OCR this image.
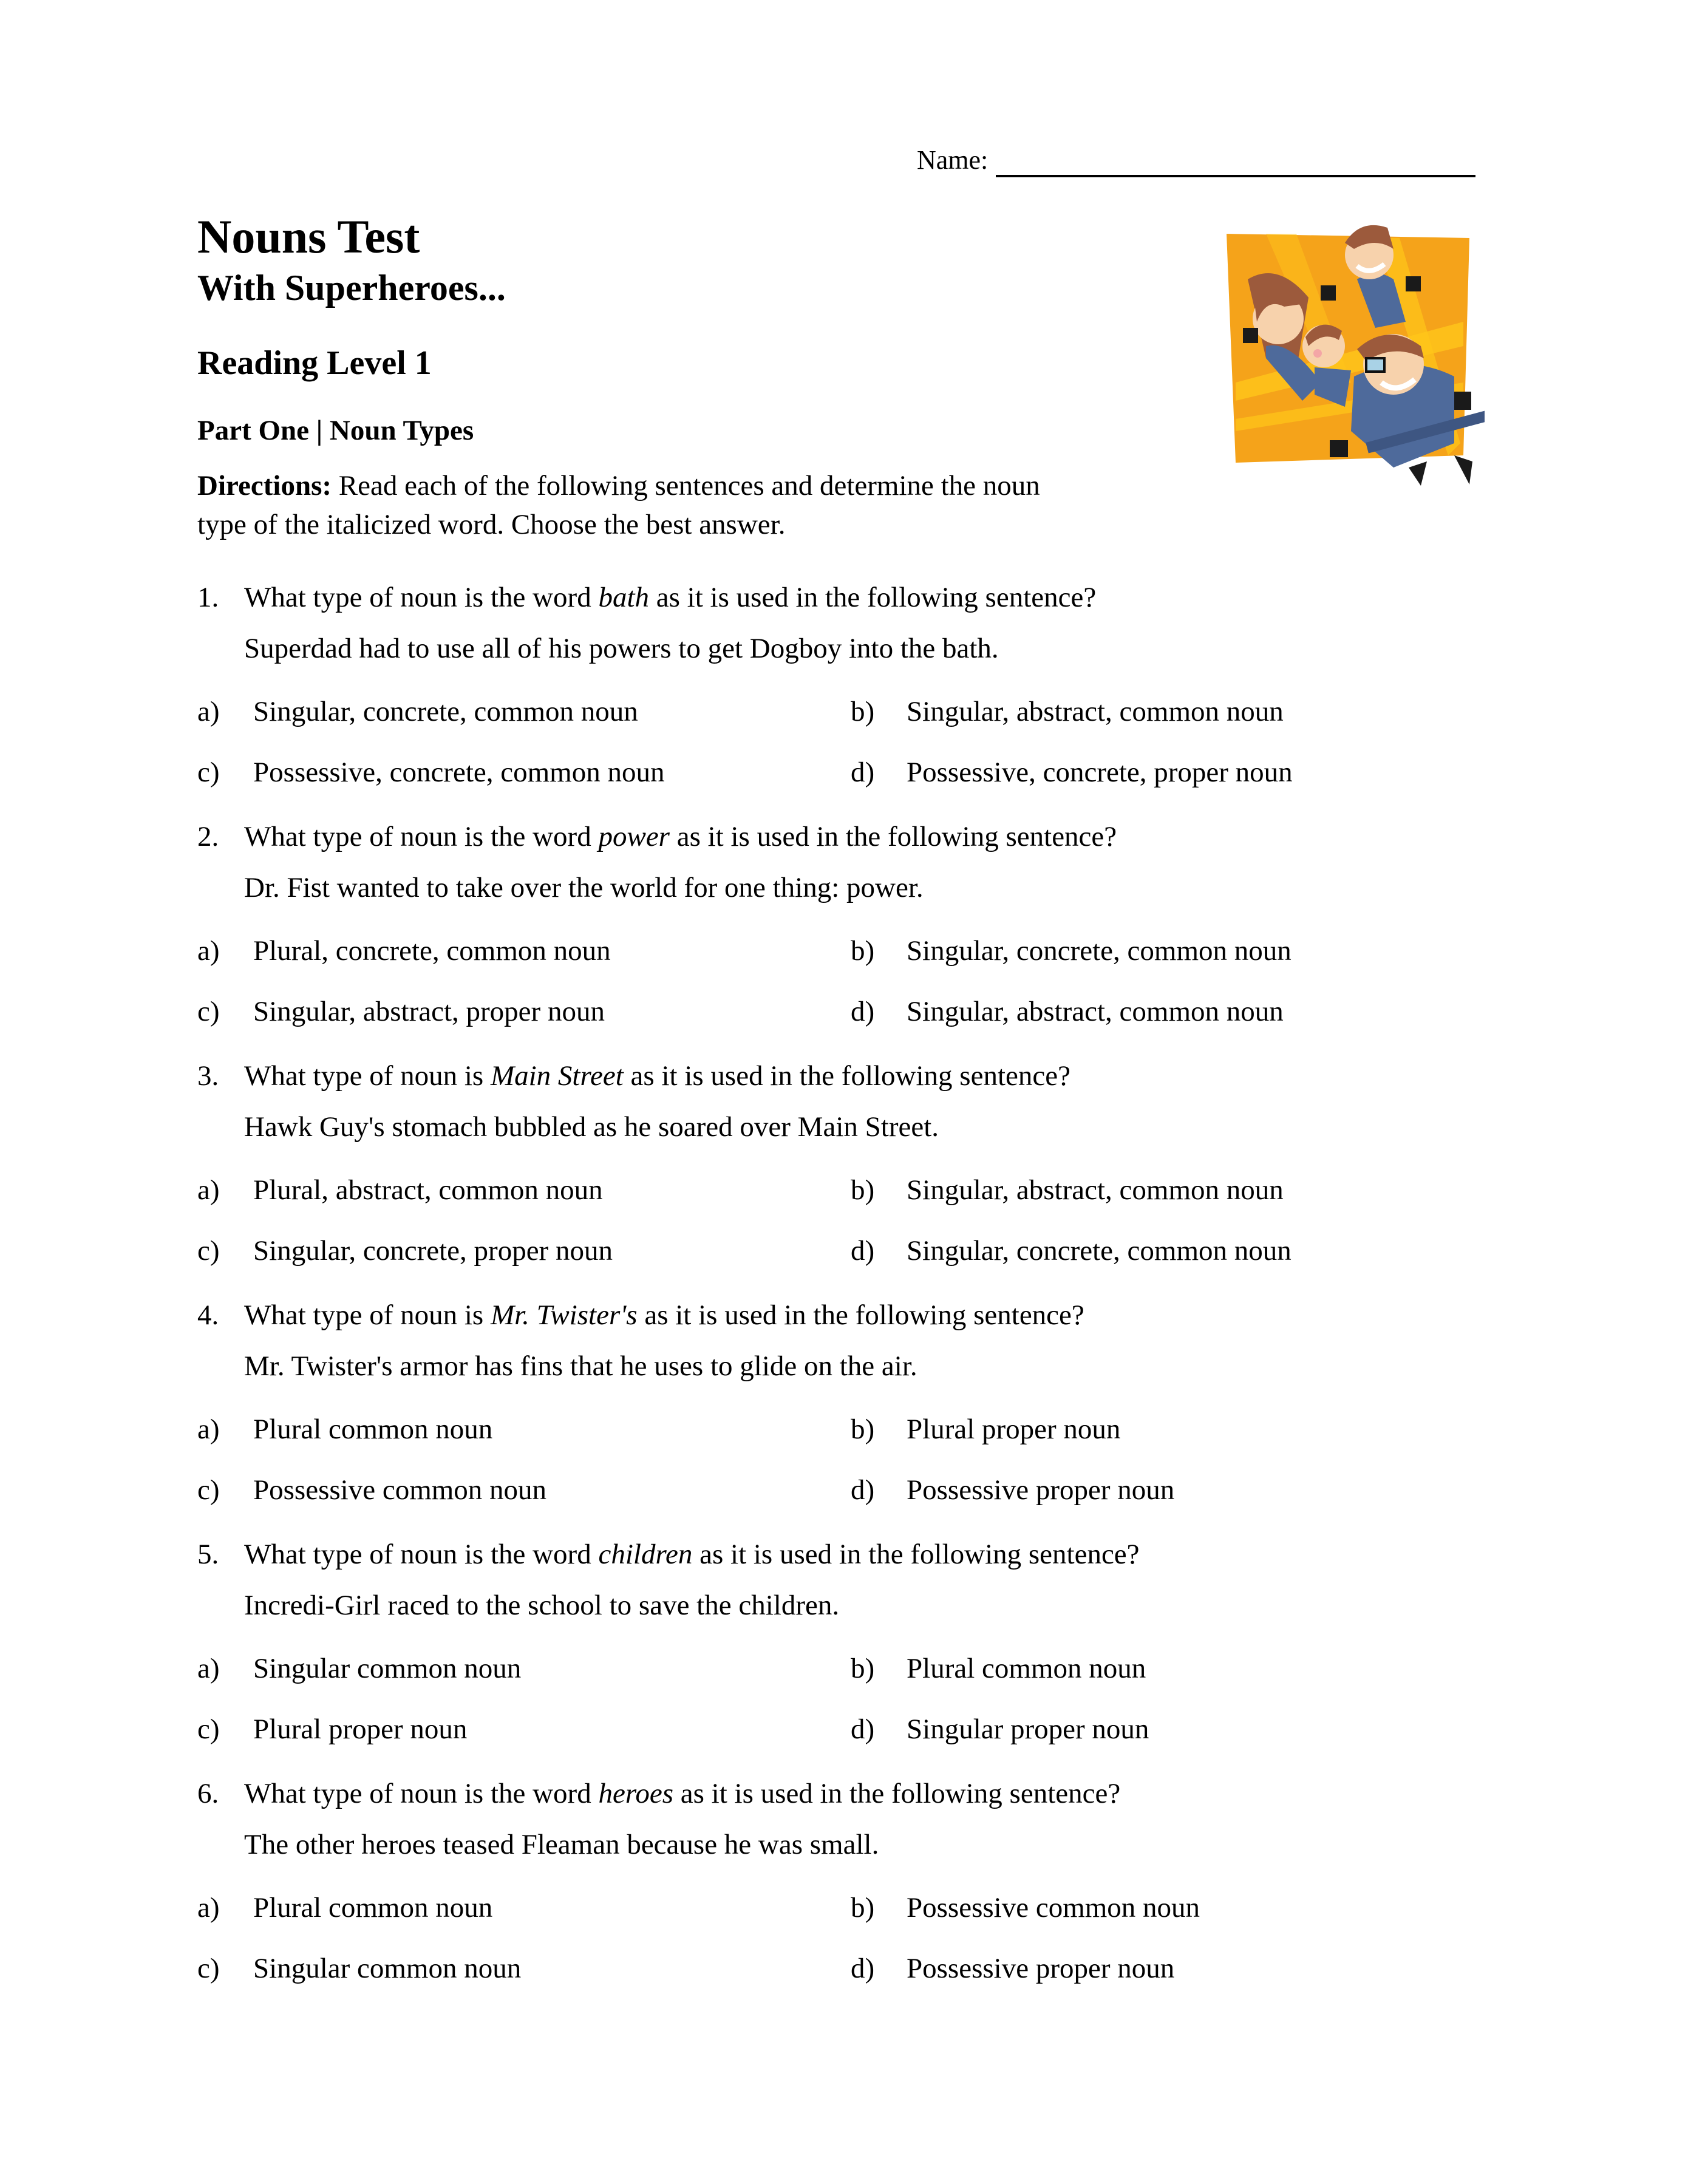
Name:
Nouns Test
With Superheroes...
Reading Level 1
Part One | Noun Types
Directions: Read each of the following sentences and determine the noun
type of the italicized word. Choose the best answer.
1. What type of noun is the word bath as it is used in the following sentence?
Superdad had to use all of his powers to get Dogboy into the bath.
a) Singular, concrete, common noun	b) Singular, abstract, common noun
c) Possessive, concrete, common noun	d) Possessive, concrete, proper noun
2. What type of noun is the word power as it is used in the following sentence?
Dr. Fist wanted to take over the world for one thing: power.
a) Plural, concrete, common noun	b) Singular, concrete, common noun
c) Singular, abstract, proper noun	d) Singular, abstract, common noun
3. What type of noun is Main Street as it is used in the following sentence?
Hawk Guy's stomach bubbled as he soared over Main Street.
a) Plural, abstract, common noun	b) Singular, abstract, common noun
c) Singular, concrete, proper noun	d) Singular, concrete, common noun
4. What type of noun is Mr. Twister's as it is used in the following sentence?
Mr. Twister's armor has fins that he uses to glide on the air.
a) Plural common noun	b) Plural proper noun
c) Possessive common noun	d) Possessive proper noun
5. What type of noun is the word children as it is used in the following sentence?
Incredi-Girl raced to the school to save the children.
a) Singular common noun	b) Plural common noun
c) Plural proper noun	d) Singular proper noun
6. What type of noun is the word heroes as it is used in the following sentence?
The other heroes teased Fleaman because he was small.
a) Plural common noun	b) Possessive common noun
c) Singular common noun	d) Possessive proper noun
